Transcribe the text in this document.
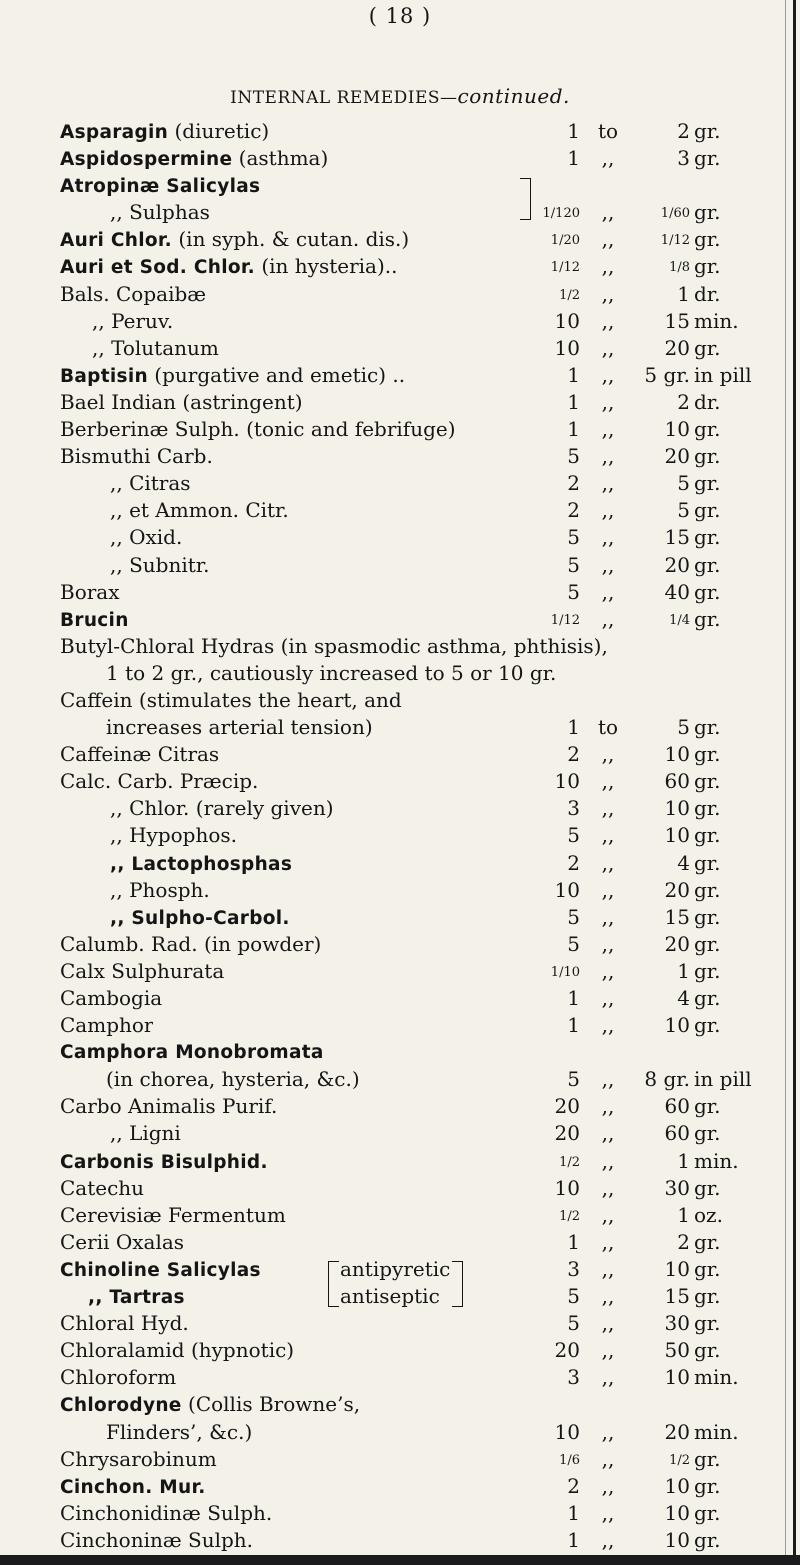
( 18 )
INTERNAL REMEDIES—continued.
Asparagin (diuretic)	1 to	2 gr.
Aspidospermine (asthma)	1	,,	3 gr.
Atropinæ Salicylas
,, Sulphas	1/120	,,	1/60 gr.
Auri Chlor. (in syph. & cutan. dis.)	1/20	,,	1/12 gr.
Auri et Sod. Chlor. (in hysteria)..	1/12	,,	1/8 gr.
Bals. Copaibæ	1/2	,,	1 dr.
,, Peruv.	10	,,	15 min.
,, Tolutanum	10	,,	20 gr.
Baptisin (purgative and emetic) ..	1	,,	5 gr. in pill
Bael Indian (astringent)	1	,,	2 dr.
Berberinæ Sulph. (tonic and febrifuge)	1	,,	10 gr.
Bismuthi Carb.	5	,,	20 gr.
,, Citras	2	,,	5 gr.
,, et Ammon. Citr.	2	,,	5 gr.
,, Oxid.	5	,,	15 gr.
,, Subnitr.	5	,,	20 gr.
Borax	5	,,	40 gr.
Brucin	1/12	,,	1/4 gr.
Butyl-Chloral Hydras (in spasmodic asthma, phthisis),
1 to 2 gr., cautiously increased to 5 or 10 gr.
Caffein (stimulates the heart, and
increases arterial tension)	1 to	5 gr.
Caffeinæ Citras	2	,,	10 gr.
Calc. Carb. Præcip.	10	,,	60 gr.
,, Chlor. (rarely given)	3	,,	10 gr.
,, Hypophos.	5	,,	10 gr.
,, Lactophosphas	2	,,	4 gr.
,, Phosph.	10	,,	20 gr.
,, Sulpho-Carbol.	5	,,	15 gr.
Calumb. Rad. (in powder)	5	,,	20 gr.
Calx Sulphurata	1/10	,,	1 gr.
Cambogia	1	,,	4 gr.
Camphor	1	,,	10 gr.
Camphora Monobromata
(in chorea, hysteria, &c.)	5	,,	8 gr. in pill
Carbo Animalis Purif.	20	,,	60 gr.
,, Ligni	20	,,	60 gr.
Carbonis Bisulphid.	1/2	,,	1 min.
Catechu	10	,,	30 gr.
Cerevisiæ Fermentum	1/2	,,	1 oz.
Cerii Oxalas	1	,,	2 gr.
Chinoline Salicylas	3	,,	10 gr.
antipyretic
,, Tartras	5	,,	15 gr.
antiseptic
Chloral Hyd.	5	,,	30 gr.
Chloralamid (hypnotic)	20	,,	50 gr.
Chloroform	3	,,	10 min.
Chlorodyne (Collis Browne’s,
Flinders’, &c.)	10	,,	20 min.
Chrysarobinum	1/6	,,	1/2 gr.
Cinchon. Mur.	2	,,	10 gr.
Cinchonidinæ Sulph.	1	,,	10 gr.
Cinchoninæ Sulph.	1	,,	10 gr.
